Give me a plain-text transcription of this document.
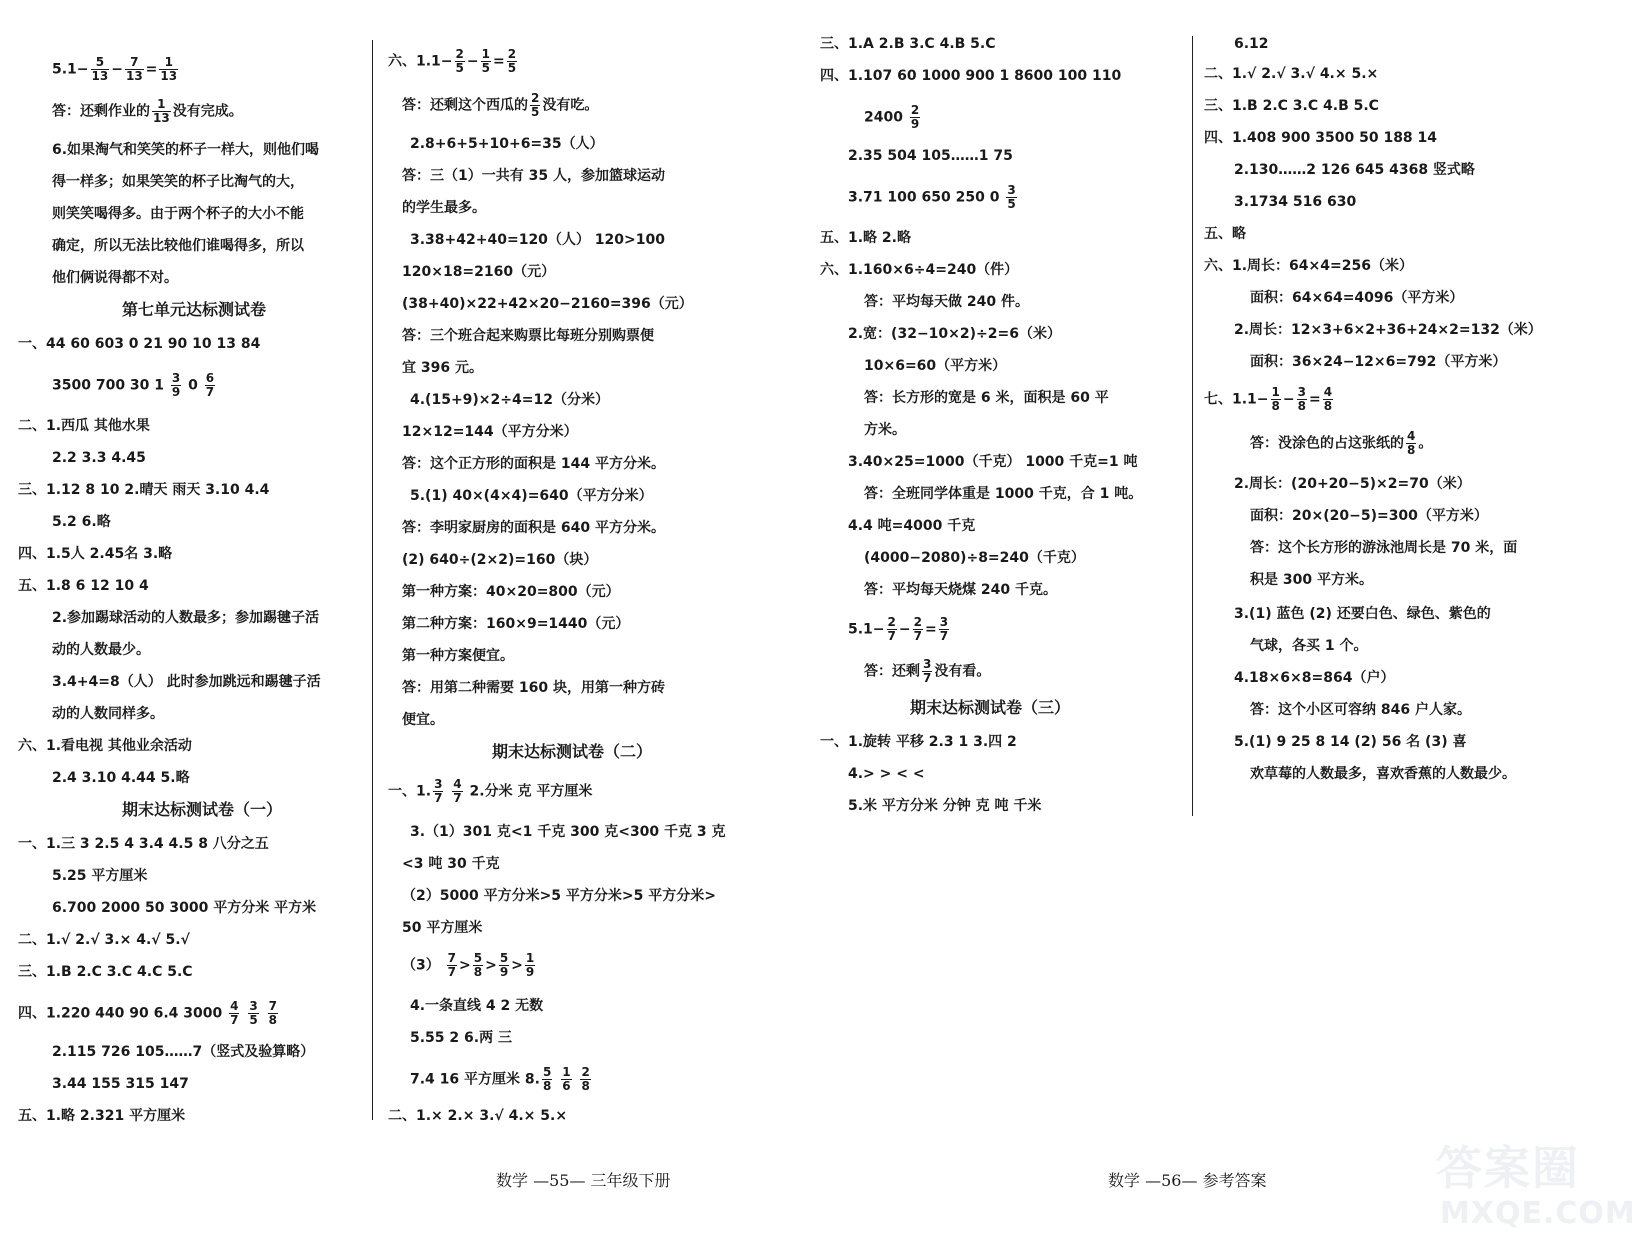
$5.1- \frac{5}{13} - \frac{7}{13} = \frac{1}{13}$
答：还剩作业的 $\frac{1}{13}$ 没有完成。
6.如果淘气和笑笑的杯子一样大，则他们喝
得一样多；如果笑笑的杯子比淘气的大，
则笑笑喝得多。由于两个杯子的大小不能
确定，所以无法比较他们谁喝得多，所以
他们俩说得都不对。
第七单元达标测试卷
一、44 60 603 0 21 90 10 13 84
3500 700 30 $1 \frac{3}{9} 0 \frac{6}{7}$
二、1.西瓜 其他水果
2.2 3.3 4.45
三、1.12 8 10 2.晴天 雨天 3.10 4.4
5.2 6.略
四、1.5人 2.45名 3.略
五、1.8 6 12 10 4
2.参加踢球活动的人数最多；参加踢毽子活
动的人数最少。
3.4+4=8（人） 此时参加跳远和踢毽子活
动的人数同样多。
六、1.看电视 其他业余活动
2.4 3.10 4.44 5.略
期末达标测试卷（一）
一、1.三 3 2.5 4 3.4 4.5 8 八分之五
5.25 平方厘米
6.700 2000 50 3000 平方分米 平方米
二、1.√ 2.√ 3.× 4.√ 5.√
三、1.B 2.C 3.C 4.C 5.C
四、1.220 440 90 6.4 $3000 \frac{4}{7}$
$\frac{3}{5}$
$\frac{7}{8}$
2.115 726 105……7（竖式及验算略）
3.44 155 315 147
五、1.略 2.321 平方厘米
六、$1.1- \frac{2}{5} - \frac{1}{5} = \frac{2}{5}$
答：还剩这个西瓜的 $\frac{2}{5}$ 没有吃。
2.8+6+5+10+6=35（人）
答：三（1）一共有 35 人，参加篮球运动
的学生最多。
3.38+42+40=120（人） 120>100
120×18=2160（元）
(38+40)×22+42×20−2160=396（元）
答：三个班合起来购票比每班分别购票便
宜 396 元。
4.(15+9)×2÷4=12（分米）
12×12=144（平方分米）
答：这个正方形的面积是 144 平方分米。
5.(1) 40×(4×4)=640（平方分米）
答：李明家厨房的面积是 640 平方分米。
(2) 640÷(2×2)=160（块）
第一种方案：40×20=800（元）
第二种方案：160×9=1440（元）
第一种方案便宜。
答：用第二种需要 160 块，用第一种方砖
便宜。
期末达标测试卷（二）
一、1. $\frac{3}{7}$
$\frac{4}{7} 2$.分米 克 平方厘米
3.（1）301 克<1 千克 300 克<300 千克 3 克
<3 吨 30 千克
（2）5000 平方分米>5 平方分米>5 平方分米>
50 平方厘米
$(3) \frac{7}{7} > \frac{5}{8} > \frac{5}{9} > \frac{1}{9}$
4.一条直线 4 2 无数
5.55 2 6.两 三
7.4 16 平方厘米 8. $\frac{5}{8}$
$\frac{1}{6}$
$\frac{2}{8}$
二、1.× 2.× 3.√ 4.× 5.×
三、1.A 2.B 3.C 4.B 5.C
四、1.107 60 1000 900 1 8600 100 110
$2400 \frac{2}{9}$
2.35 504 105……1 75
3.71 100 650 250 $0 \frac{3}{5}$
五、1.略 2.略
六、1.160×6÷4=240（件）
答：平均每天做 240 件。
2.宽：(32−10×2)÷2=6（米）
10×6=60（平方米）
答：长方形的宽是 6 米，面积是 60 平
方米。
3.40×25=1000（千克） 1000 千克=1 吨
答：全班同学体重是 1000 千克，合 1 吨。
4.4 吨=4000 千克
(4000−2080)÷8=240（千克）
答：平均每天烧煤 240 千克。
$5.1- \frac{2}{7} - \frac{2}{7} = \frac{3}{7}$
答：还剩 $\frac{3}{7}$ 没有看。
期末达标测试卷（三）
一、1.旋转 平移 2.3 1 3.四 2
4.> > < <
5.米 平方分米 分钟 克 吨 千米
6.12
二、1.√ 2.√ 3.√ 4.× 5.×
三、1.B 2.C 3.C 4.B 5.C
四、1.408 900 3500 50 188 14
2.130……2 126 645 4368 竖式略
3.1734 516 630
五、略
六、1.周长：64×4=256（米）
面积：64×64=4096（平方米）
2.周长：12×3+6×2+36+24×2=132（米）
面积：36×24−12×6=792（平方米）
七、$1.1- \frac{1}{8} - \frac{3}{8} = \frac{4}{8}$
答：没涂色的占这张纸的 $\frac{4}{8}$ 。
2.周长：(20+20−5)×2=70（米）
面积：20×(20−5)=300（平方米）
答：这个长方形的游泳池周长是 70 米，面
积是 300 平方米。
3.(1) 蓝色 (2) 还要白色、绿色、紫色的
气球，各买 1 个。
4.18×6×8=864（户）
答：这个小区可容纳 846 户人家。
5.(1) 9 25 8 14 (2) 56 名 (3) 喜
欢草莓的人数最多，喜欢香蕉的人数最少。
数学 —55— 三年级下册	数学 —56— 参考答案	答案圈
MXQE.COM
